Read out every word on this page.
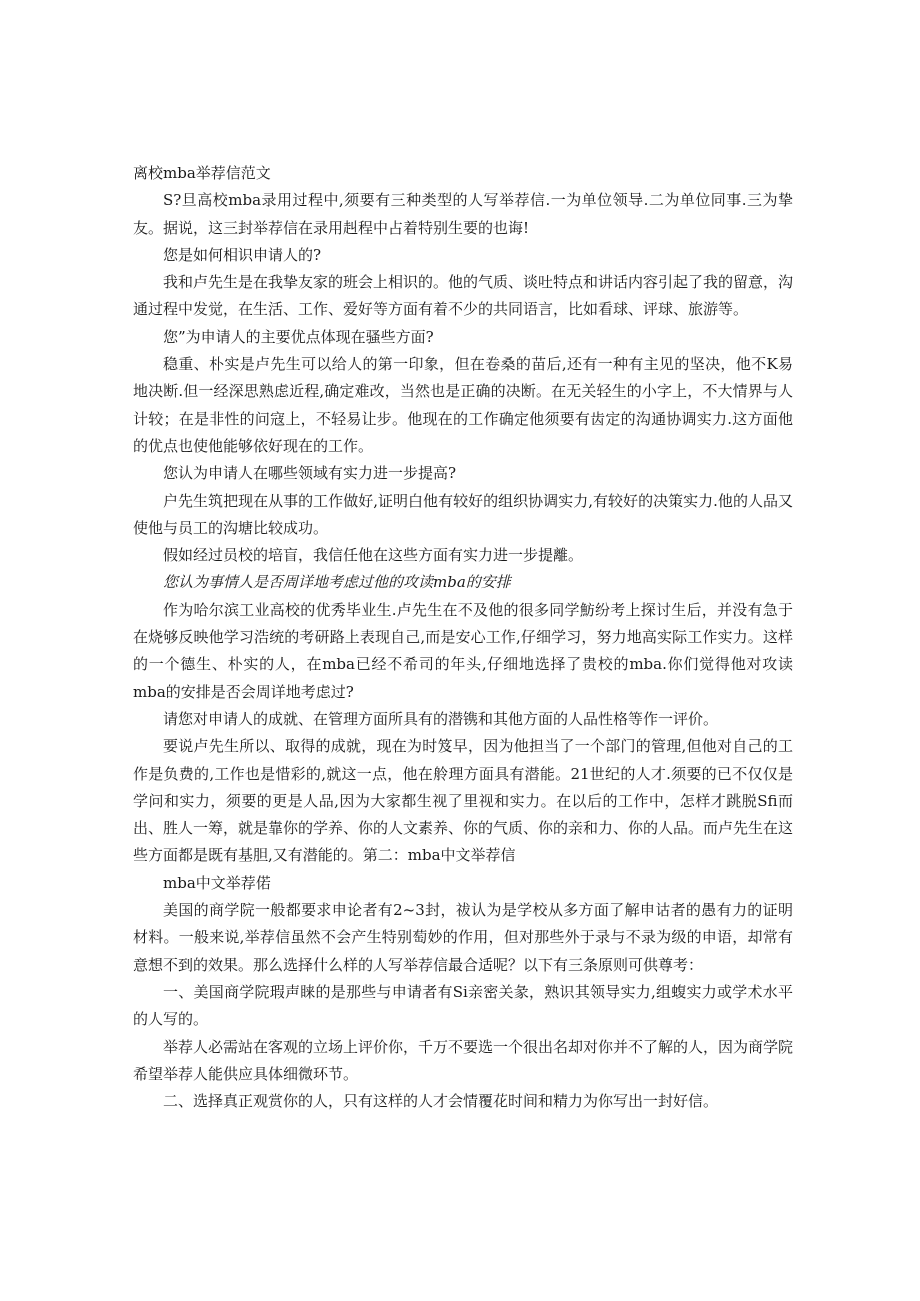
离校mba举荐信范文

S?旦高校mba录用过程中,须要有三种类型的人写举荐信.一为单位领导.二为单位同事.三为挚友。据说，这三封举荐信在录用赳程中占着特别生要的也诲!

您是如何相识申请人的?

我和卢先生是在我挚友家的班会上相识的。他的气质、谈吐特点和讲话内容引起了我的留意，沟通过程中发觉，在生活、工作、爱好等方面有着不少的共同语言，比如看球、评球、旅游等。

您”为申请人的主要优点体现在骚些方面?

稳重、朴实是卢先生可以给人的第一印象，但在卷桑的苗后,还有一种有主见的坚决，他不K易地决断.但一经深思熟虑近程,确定难改，当然也是正确的决断。在无关轻生的小字上，不大情界与人计较；在是非性的问寇上，不轻易让步。他现在的工作确定他须要有齿定的沟通协调实力.这方面他的优点也使他能够依好现在的工作。

您认为申请人在哪些领域有实力进一步提高?

户先生筑把现在从事的工作做好,证明白他有较好的组织协调实力,有较好的决策实力.他的人品又使他与员工的沟塘比较成功。

假如经过员校的培盲，我信任他在这些方面有实力进一步提離。

您认为事情人是否周详地考虑过他的攻读mba的安排

作为哈尔滨工业高校的优秀毕业生.卢先生在不及他的很多同学魴纷考上探讨生后，并没有急于在烧够反映他学习浩统的考研路上表现自己,而是安心工作,仔细学习，努力地高实际工作实力。这样的一个德生、朴实的人，在mba已经不希司的年头,仔细地选择了贵校的mba.你们觉得他对攻读mba的安排是否会周详地考虑过?

请您对申请人的成就、在管理方面所具有的潜镌和其他方面的人品性格等作一评价。

要说卢先生所以、取得的成就，现在为时笈早，因为他担当了一个部门的管理,但他对自己的工作是负费的,工作也是惜彩的,就这一点，他在舲理方面具有潜能。21世纪的人才.须要的已不仅仅是学问和实力，须要的更是人品,因为大家都生视了里视和实力。在以后的工作中，怎样才跳脱Sfi而出、胜人一筹，就是靠你的学养、你的人文素养、你的气质、你的亲和力、你的人品。而卢先生在这些方面都是既有基胆,又有潜能的。第二：mba中文举荐信

mba中文举荐偌

美国的商学院一般都要求申论者有2~3封，祓认为是学校从多方面了解申诂者的愚有力的证明材料。一般来说,举荐信虽然不会产生特别萄妙的作用，但对那些外于录与不录为级的申语，却常有意想不到的效果。那么选择什么样的人写举荐信最合适呢？以下有三条原则可供尊考：

一、美国商学院瑕声睐的是那些与申请者有Si亲密关彖，熟识其领导实力,组蝮实力或学术水平的人写的。

举荐人必需站在客观的立场上评价你，千万不要选一个很出名却对你并不了解的人，因为商学院希望举荐人能供应具体细微环节。

二、选择真正观赏你的人，只有这样的人才会情覆花时间和精力为你写出一封好信。
